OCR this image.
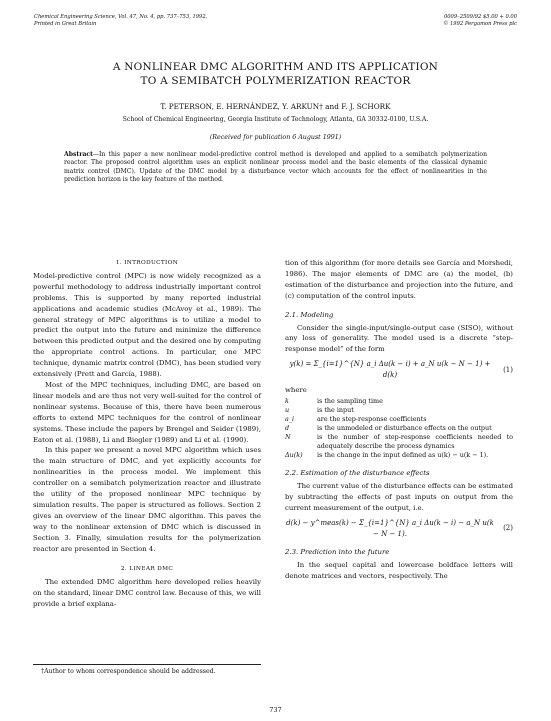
Chemical Engineering Science, Vol. 47, No. 4, pp. 737–753, 1992.
Printed in Great Britain
0009–2509/92 $5.00 + 0.00
© 1992 Pergamon Press plc
A NONLINEAR DMC ALGORITHM AND ITS APPLICATION
TO A SEMIBATCH POLYMERIZATION REACTOR
T. PETERSON, E. HERNÁNDEZ, Y. ARKUN† and F. J. SCHORK
School of Chemical Engineering, Georgia Institute of Technology, Atlanta, GA 30332-0100, U.S.A.
(Received for publication 6 August 1991)
Abstract—In this paper a new nonlinear model-predictive control method is developed and applied to a semibatch polymerization reactor. The proposed control algorithm uses an explicit nonlinear process model and the basic elements of the classical dynamic matrix control (DMC). Update of the DMC model by a disturbance vector which accounts for the effect of nonlinearities in the prediction horizon is the key feature of the method.
1. INTRODUCTION

Model-predictive control (MPC) is now widely recognized as a powerful methodology to address industrially important control problems. This is supported by many reported industrial applications and academic studies (McAvoy et al., 1989). The general strategy of MPC algorithms is to utilize a model to predict the output into the future and minimize the difference between this predicted output and the desired one by computing the appropriate control actions. In particular, one MPC technique, dynamic matrix control (DMC), has been studied very extensively (Prett and García, 1988).

Most of the MPC techniques, including DMC, are based on linear models and are thus not very well-suited for the control of nonlinear systems. Because of this, there have been numerous efforts to extend MPC techniques for the control of nonlinear systems. These include the papers by Brengel and Seider (1989), Eaton et al. (1988), Li and Biegler (1989) and Li et al. (1990).

In this paper we present a novel MPC algorithm which uses the main structure of DMC, and yet explicitly accounts for nonlinearities in the process model. We implement this controller on a semibatch polymerization reactor and illustrate the utility of the proposed nonlinear MPC technique by simulation results. The paper is structured as follows. Section 2 gives an overview of the linear DMC algorithm. This paves the way to the nonlinear extension of DMC which is discussed in Section 3. Finally, simulation results for the polymerization reactor are presented in Section 4.

2. LINEAR DMC

The extended DMC algorithm here developed relies heavily on the standard, linear DMC control law. Because of this, we will provide a brief explana-

tion of this algorithm (for more details see García and Morshedi, 1986). The major elements of DMC are (a) the model, (b) estimation of the disturbance and projection into the future, and (c) computation of the control inputs.

2.1. Modeling

Consider the single-input/single-output case (SISO), without any loss of generality. The model used is a discrete “step-response model” of the form

y(k) = Σ_{i=1}^{N} a_i Δu(k − i) + a_N u(k − N − 1) + d(k)
(1)
where
k	is the sampling time
u	is the input
a_i	are the step-response coefficients
d	is the unmodeled or disturbance effects on the output
N	is the number of step-response coefficients needed to adequately describe the process dynamics
Δu(k)	is the change in the input defined as u(k) − u(k − 1).
2.2. Estimation of the disturbance effects

The current value of the disturbance effects can be estimated by subtracting the effects of past inputs on output from the current measurement of the output, i.e.

d(k) − y^meas(k) − Σ_{i=1}^{N} a_i Δu(k − i) − a_N u(k − N − 1).
(2)
2.3. Prediction into the future

In the sequel capital and lowercase boldface letters will denote matrices and vectors, respectively. The

†Author to whom correspondence should be addressed.
737
